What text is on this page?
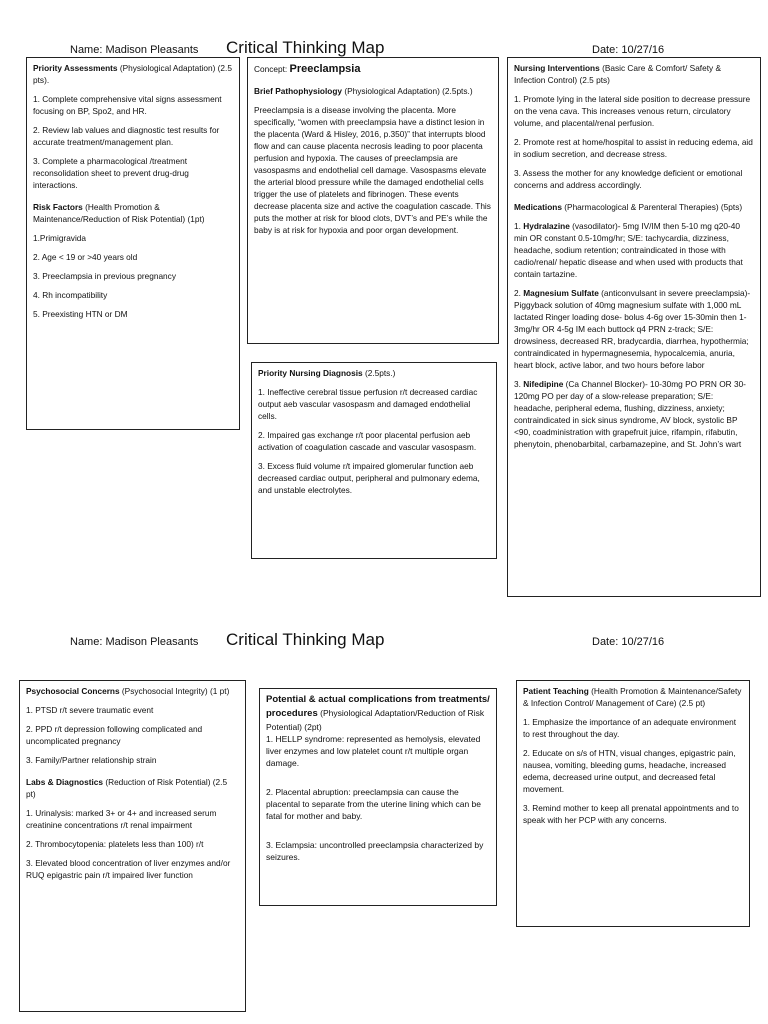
Name: Madison Pleasants Critical Thinking Map	Date: 10/27/16

Priority Assessments (Physiological Adaptation) (2.5 pts).

1. Complete comprehensive vital signs assessment focusing on BP, Spo2, and HR.

2. Review lab values and diagnostic test results for accurate treatment/management plan.

3. Complete a pharmacological /treatment reconsolidation sheet to prevent drug-drug interactions.

Risk Factors (Health Promotion & Maintenance/Reduction of Risk Potential) (1pt)

1.Primigravida

2. Age < 19 or >40 years old

3. Preeclampsia in previous pregnancy

4. Rh incompatibility

5. Preexisting HTN or DM

Concept: Preeclampsia

Brief Pathophysiology (Physiological Adaptation) (2.5pts.)

Preeclampsia is a disease involving the placenta. More specifically, “women with preeclampsia have a distinct lesion in the placenta (Ward & Hisley, 2016, p.350)” that interrupts blood flow and can cause placenta necrosis leading to poor placenta perfusion and hypoxia. The causes of preeclampsia are vasospasms and endothelial cell damage. Vasospasms elevate the arterial blood pressure while the damaged endothelial cells trigger the use of platelets and fibrinogen. These events decrease placenta size and active the coagulation cascade. This puts the mother at risk for blood clots, DVT’s and PE’s while the baby is at risk for hypoxia and poor organ development.

Priority Nursing Diagnosis (2.5pts.)

1. Ineffective cerebral tissue perfusion r/t decreased cardiac output aeb vascular vasospasm and damaged endothelial cells.

2. Impaired gas exchange r/t poor placental perfusion aeb activation of coagulation cascade and vascular vasospasm.

3. Excess fluid volume r/t impaired glomerular function aeb decreased cardiac output, peripheral and pulmonary edema, and unstable electrolytes.

Nursing Interventions (Basic Care & Comfort/ Safety & Infection Control) (2.5 pts)

1. Promote lying in the lateral side position to decrease pressure on the vena cava. This increases venous return, circulatory volume, and placental/renal perfusion.

2. Promote rest at home/hospital to assist in reducing edema, aid in sodium secretion, and decrease stress.

3. Assess the mother for any knowledge deficient or emotional concerns and address accordingly.

Medications (Pharmacological & Parenteral Therapies) (5pts)

1. Hydralazine (vasodilator)- 5mg IV/IM then 5-10 mg q20-40 min OR constant 0.5-10mg/hr; S/E: tachycardia, dizziness, headache, sodium retention; contraindicated in those with cadio/renal/ hepatic disease and when used with products that contain tartazine.

2. Magnesium Sulfate (anticonvulsant in severe preeclampsia)- Piggyback solution of 40mg magnesium sulfate with 1,000 mL lactated Ringer loading dose- bolus 4-6g over 15-30min then 1-3mg/hr OR 4-5g IM each buttock q4 PRN z-track; S/E: drowsiness, decreased RR, bradycardia, diarrhea, hypothermia; contraindicated in hypermagnesemia, hypocalcemia, anuria, heart block, active labor, and two hours before labor

3. Nifedipine (Ca Channel Blocker)- 10-30mg PO PRN OR 30-120mg PO per day of a slow-release preparation; S/E: headache, peripheral edema, flushing, dizziness, anxiety; contraindicated in sick sinus syndrome, AV block, systolic BP <90, coadministration with grapefruit juice, rifampin, rifabutin, phenytoin, phenobarbital, carbamazepine, and St. John’s wart

Name: Madison Pleasants Critical Thinking Map	Date: 10/27/16

Psychosocial Concerns (Psychosocial Integrity) (1 pt)

1. PTSD r/t severe traumatic event

2. PPD r/t depression following complicated and uncomplicated pregnancy

3. Family/Partner relationship strain

Labs & Diagnostics (Reduction of Risk Potential) (2.5 pt)

1. Urinalysis: marked 3+ or 4+ and increased serum creatinine concentrations r/t renal impairment

2. Thrombocytopenia: platelets less than 100) r/t

3. Elevated blood concentration of liver enzymes and/or RUQ epigastric pain r/t impaired liver function

Potential & actual complications from treatments/ procedures (Physiological Adaptation/Reduction of Risk Potential) (2pt)

1. HELLP syndrome: represented as hemolysis, elevated liver enzymes and low platelet count r/t multiple organ damage.

2. Placental abruption: preeclampsia can cause the placental to separate from the uterine lining which can be fatal for mother and baby.

3. Eclampsia: uncontrolled preeclampsia characterized by seizures.

Patient Teaching (Health Promotion & Maintenance/Safety & Infection Control/ Management of Care) (2.5 pt)

1. Emphasize the importance of an adequate environment to rest throughout the day.

2. Educate on s/s of HTN, visual changes, epigastric pain, nausea, vomiting, bleeding gums, headache, increased edema, decreased urine output, and decreased fetal movement.

3. Remind mother to keep all prenatal appointments and to speak with her PCP with any concerns.
